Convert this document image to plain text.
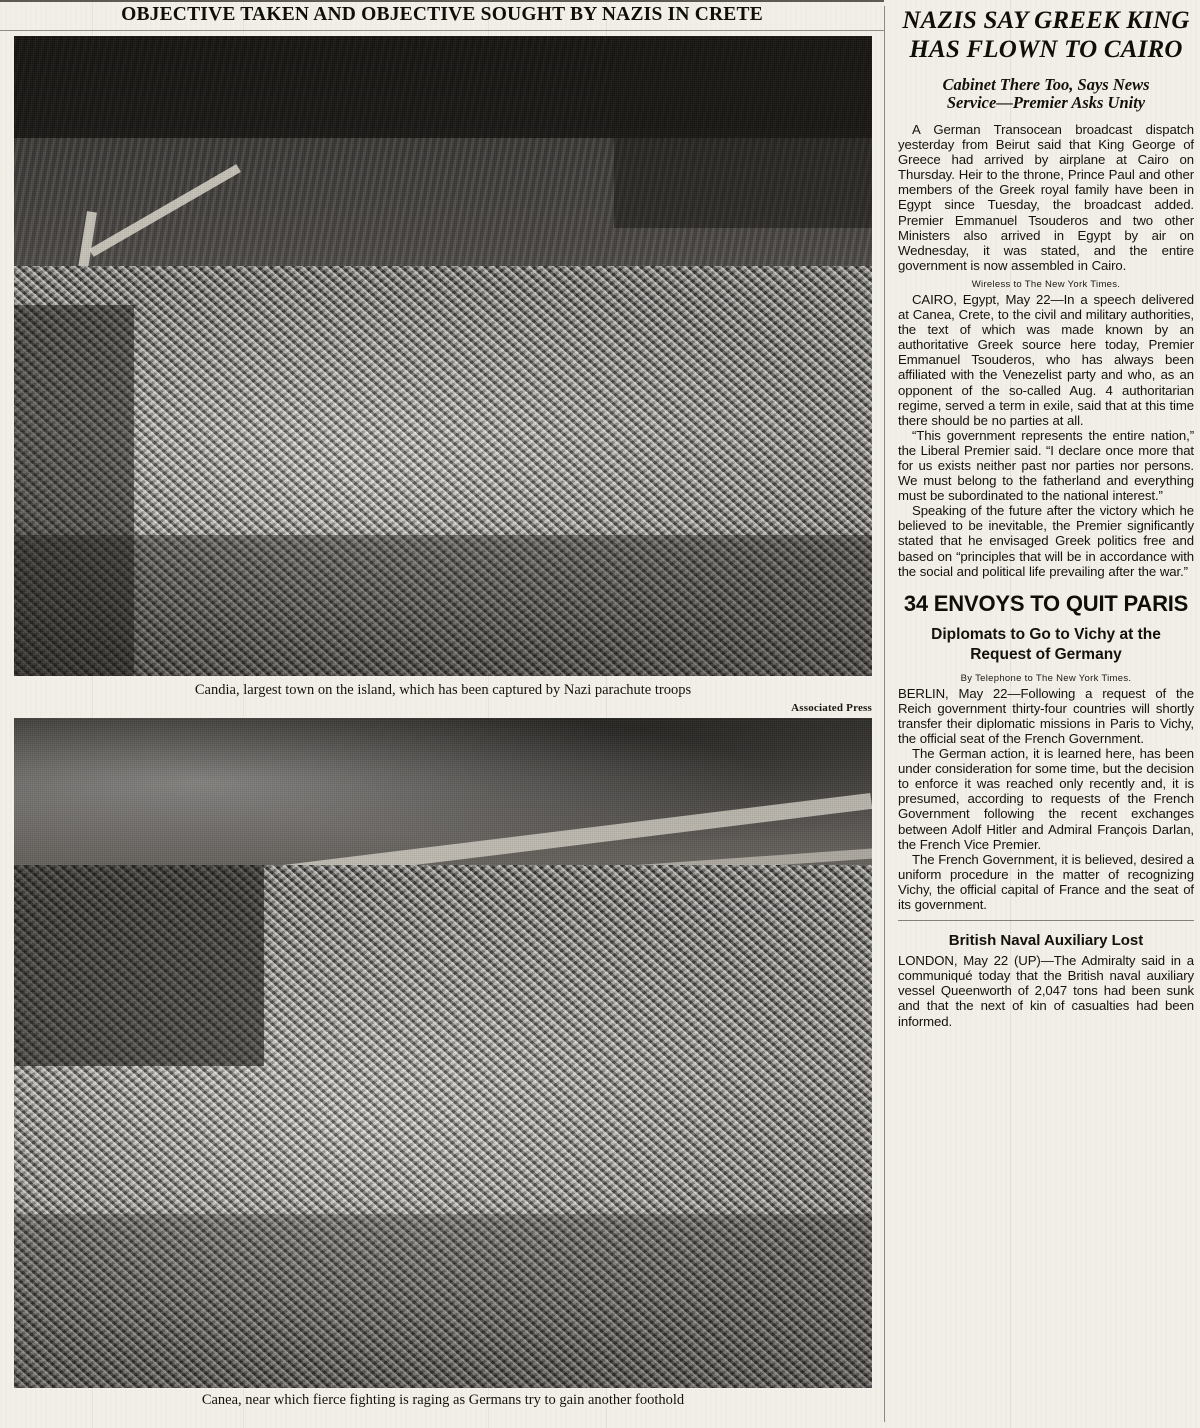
OBJECTIVE TAKEN AND OBJECTIVE SOUGHT BY NAZIS IN CRETE
Candia, largest town on the island, which has been captured by Nazi parachute troops
Associated Press
Canea, near which fierce fighting is raging as Germans try to gain another foothold
NAZIS SAY GREEK KING
HAS FLOWN TO CAIRO
Cabinet There Too, Says News
Service—Premier Asks Unity

A German Transocean broadcast dispatch yesterday from Beirut said that King George of Greece had arrived by airplane at Cairo on Thursday. Heir to the throne, Prince Paul and other members of the Greek royal family have been in Egypt since Tuesday, the broadcast added. Premier Emmanuel Tsouderos and two other Ministers also arrived in Egypt by air on Wednesday, it was stated, and the entire government is now assembled in Cairo.

Wireless to The New York Times.

CAIRO, Egypt, May 22—In a speech delivered at Canea, Crete, to the civil and military authorities, the text of which was made known by an authoritative Greek source here today, Premier Emmanuel Tsouderos, who has always been affiliated with the Venezelist party and who, as an opponent of the so-called Aug. 4 authoritarian regime, served a term in exile, said that at this time there should be no parties at all.

“This government represents the entire nation,” the Liberal Premier said. “I declare once more that for us exists neither past nor parties nor persons. We must belong to the fatherland and everything must be subordinated to the national interest.”

Speaking of the future after the victory which he believed to be inevitable, the Premier significantly stated that he envisaged Greek politics free and based on “principles that will be in accordance with the social and political life prevailing after the war.”

34 ENVOYS TO QUIT PARIS
Diplomats to Go to Vichy at the
Request of Germany
By Telephone to The New York Times.

BERLIN, May 22—Following a request of the Reich government thirty-four countries will shortly transfer their diplomatic missions in Paris to Vichy, the official seat of the French Government.

The German action, it is learned here, has been under consideration for some time, but the decision to enforce it was reached only recently and, it is presumed, according to requests of the French Government following the recent exchanges between Adolf Hitler and Admiral François Darlan, the French Vice Premier.

The French Government, it is believed, desired a uniform procedure in the matter of recognizing Vichy, the official capital of France and the seat of its government.

British Naval Auxiliary Lost

LONDON, May 22 (UP)—The Admiralty said in a communiqué today that the British naval auxiliary vessel Queenworth of 2,047 tons had been sunk and that the next of kin of casualties had been informed.
